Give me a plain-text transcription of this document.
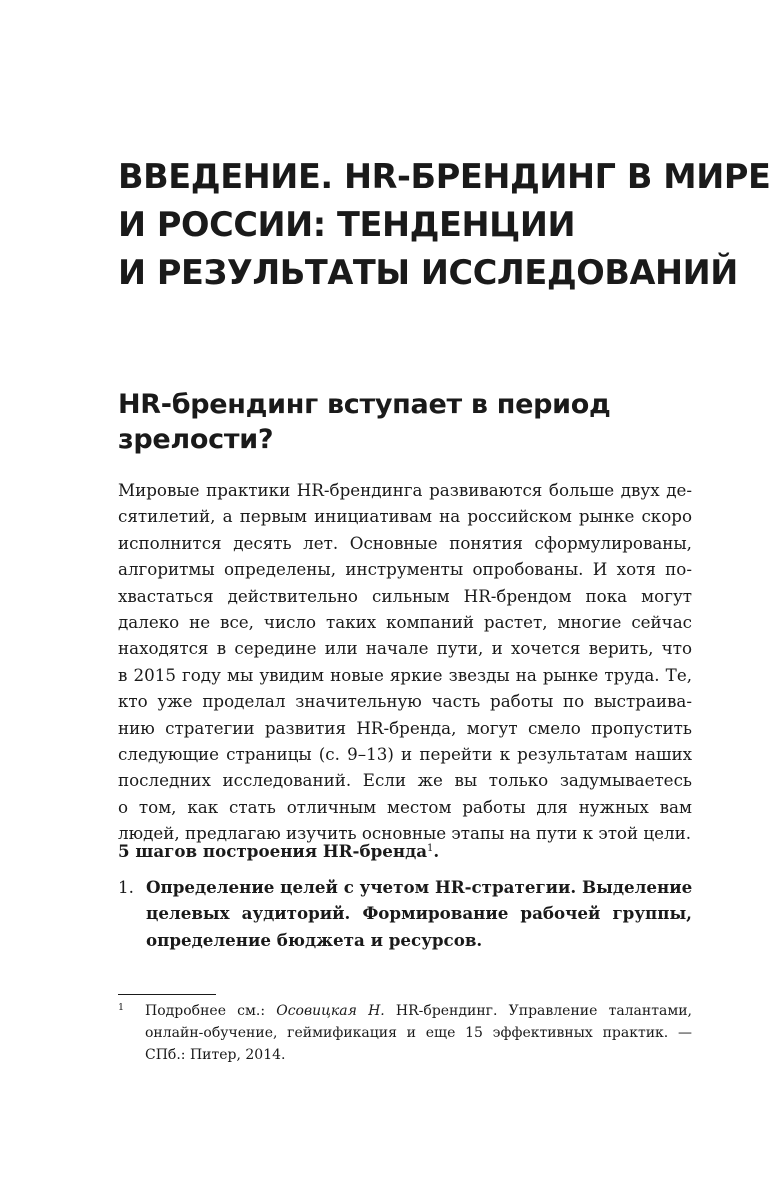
ВВЕДЕНИЕ. HR-БРЕНДИНГ В МИРЕ
И РОССИИ: ТЕНДЕНЦИИ
И РЕЗУЛЬТАТЫ ИССЛЕДОВАНИЙ
HR-брендинг вступает в период
зрелости?

Мировые практики HR-брендинга развиваются больше двух де-
сятилетий, а первым инициативам на российском рынке скоро
исполнится десять лет. Основные понятия сформулированы,
алгоритмы определены, инструменты опробованы. И хотя по-
хвастаться действительно сильным HR-брендом пока могут
далеко не все, число таких компаний растет, многие сейчас
находятся в середине или начале пути, и хочется верить, что
в 2015 году мы увидим новые яркие звезды на рынке труда. Те,
кто уже проделал значительную часть работы по выстраива-
нию стратегии развития HR-бренда, могут смело пропустить
следующие страницы (с. 9–13) и перейти к результатам наших
последних исследований. Если же вы только задумываетесь
о том, как стать отличным местом работы для нужных вам
людей, предлагаю изучить основные этапы на пути к этой цели.

5 шагов построения HR-бренда$^1$.

1. Определение целей с учетом HR-стратегии. Выделение
целевых аудиторий. Формирование рабочей группы,
определение бюджета и ресурсов.
1 Подробнее см.: Осовицкая Н. HR-брендинг. Управление талантами,
онлайн-обучение, геймификация и еще 15 эффективных практик. —
СПб.: Питер, 2014.
